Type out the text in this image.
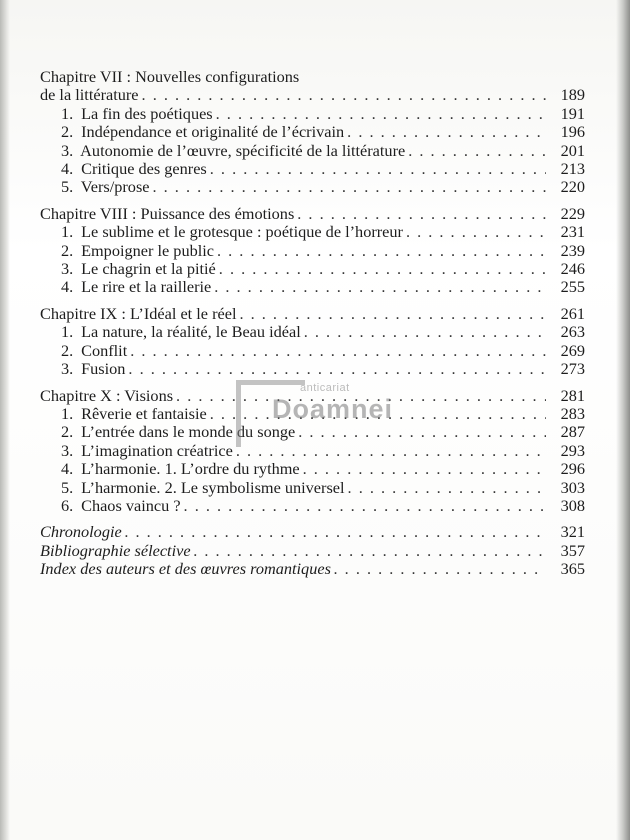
Chapitre VII : Nouvelles configurations
de la littérature . . .	189
1. La fin des poétiques . . .	191
2. Indépendance et originalité de l’écrivain . . .	196
3. Autonomie de l’œuvre, spécificité de la littérature . . .	201
4. Critique des genres . . .	213
5. Vers/prose . . .	220
Chapitre VIII : Puissance des émotions . . .	229
1. Le sublime et le grotesque : poétique de l’horreur . . .	231
2. Empoigner le public . . .	239
3. Le chagrin et la pitié . . .	246
4. Le rire et la raillerie . . .	255
Chapitre IX : L’Idéal et le réel . . .	261
1. La nature, la réalité, le Beau idéal . . .	263
2. Conflit . . .	269
3. Fusion . . .	273
Chapitre X : Visions . . .	281
1. Rêverie et fantaisie . . .	283
2. L’entrée dans le monde du songe . . .	287
3. L’imagination créatrice . . .	293
4. L’harmonie. 1. L’ordre du rythme . . .	296
5. L’harmonie. 2. Le symbolisme universel . . .	303
6. Chaos vaincu ? . . .	308
Chronologie . . .	321
Bibliographie sélective . . .	357
Index des auteurs et des œuvres romantiques . . .	365
anticariat
Doamnei
